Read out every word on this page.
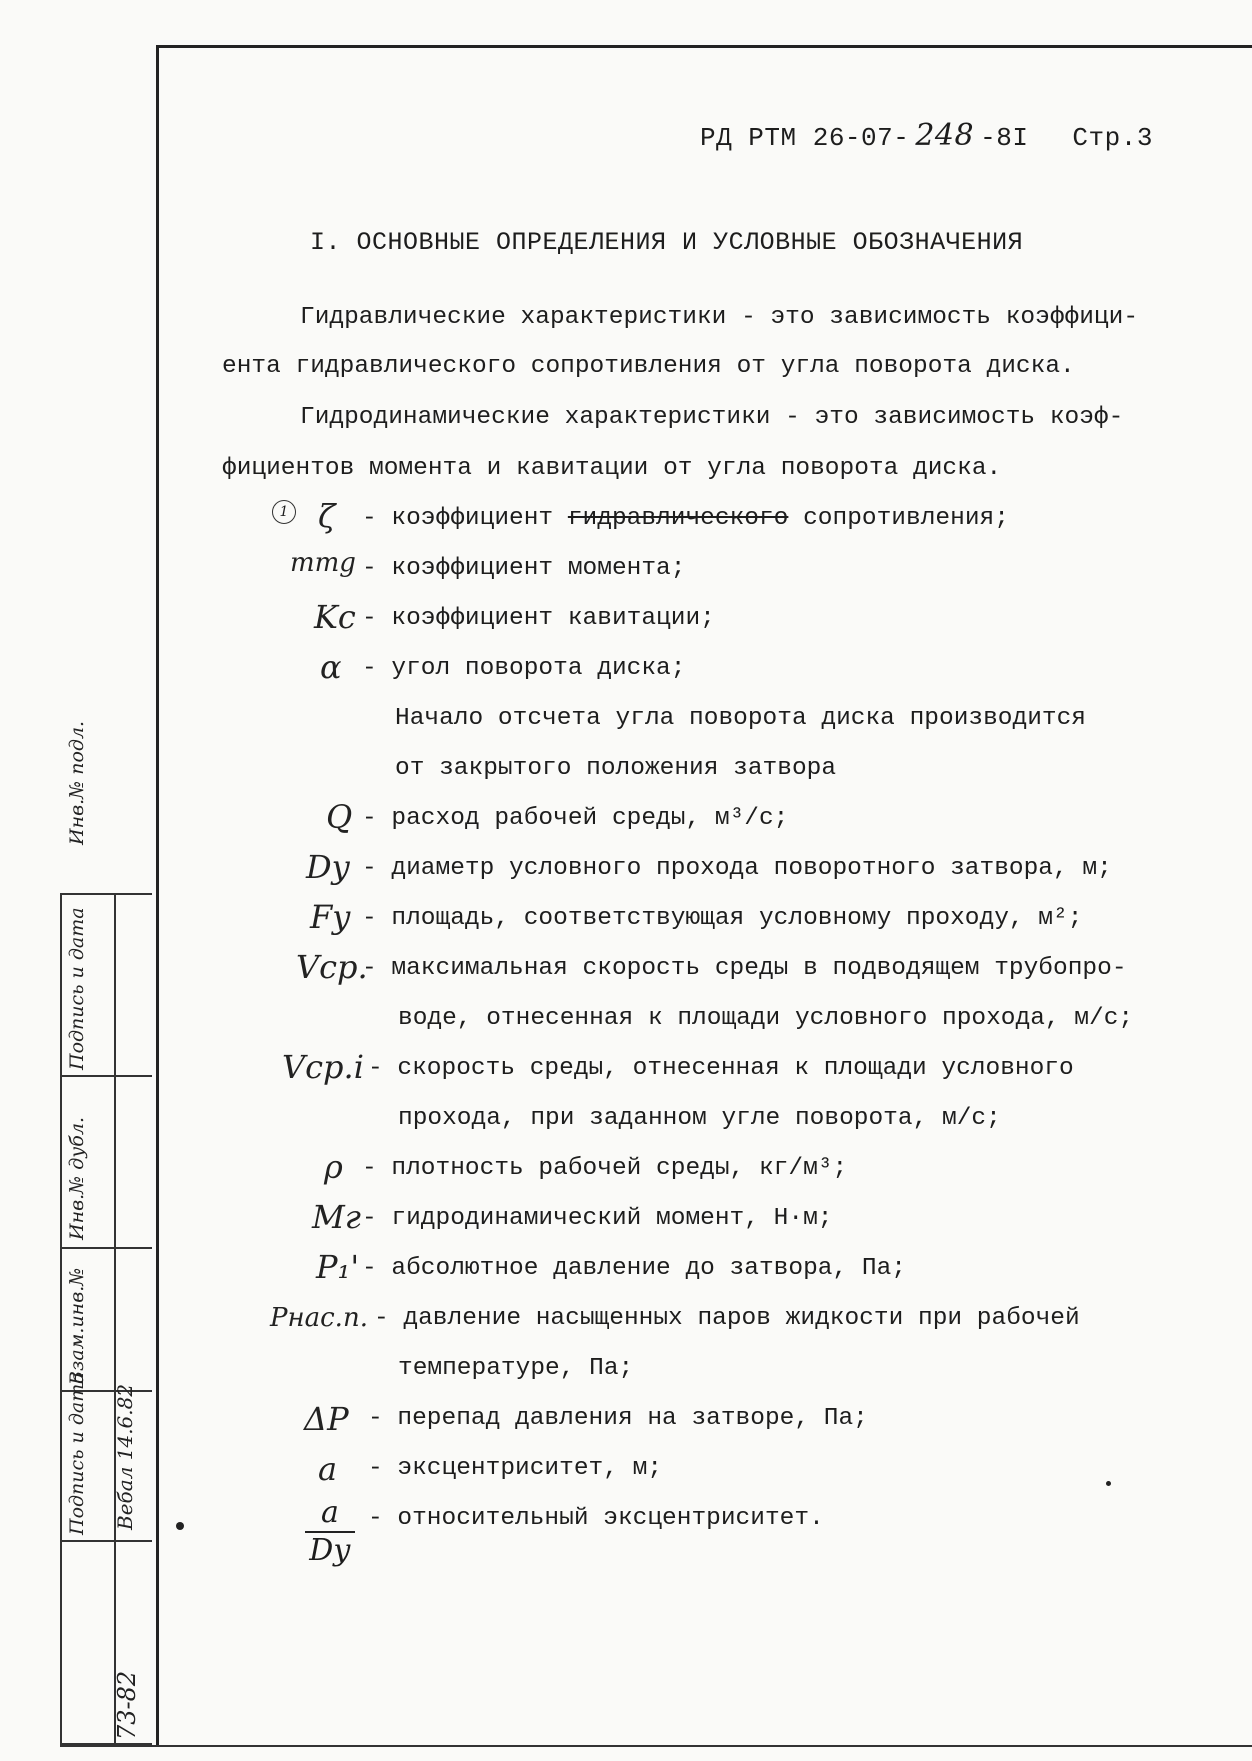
РД РТМ 26-07- 248 -8I Стр.3
I. ОСНОВНЫЕ ОПРЕДЕЛЕНИЯ И УСЛОВНЫЕ ОБОЗНАЧЕНИЯ
Гидравлические характеристики - это зависимость коэффици-
ента гидравлического сопротивления от угла поворота диска.
Гидродинамические характеристики - это зависимость коэф-
фициентов момента и кавитации от угла поворота диска.
1 ζ - коэффициент гидравлического сопротивления;
mтg - коэффициент момента;
Kc - коэффициент кавитации;
α - угол поворота диска;
Начало отсчета угла поворота диска производится
от закрытого положения затвора
Q - расход рабочей среды, м³/с;
Dу - диаметр условного прохода поворотного затвора, м;
Fу - площадь, соответствующая условному проходу, м²;
Vср.
- максимальная скорость среды в подводящем трубопро-
воде, отнесенная к площади условного прохода, м/с;
Vср.i - скорость среды, отнесенная к площади условного
прохода, при заданном угле поворота, м/с;
ρ - плотность рабочей среды, кг/м³;
Mг - гидродинамический момент, Н·м;
P₁' - абсолютное давление до затвора, Па;
Pнас.п. - давление насыщенных паров жидкости при рабочей
температуре, Па;
ΔP - перепад давления на затворе, Па;
a - эксцентриситет, м;
a
Dу
- относительный эксцентриситет.
Инв.№ подл.
Подпись и дата
Взам.инв.№
Инв.№ дубл.
Подпись и дата
73-82
Вебал 14.6.82
